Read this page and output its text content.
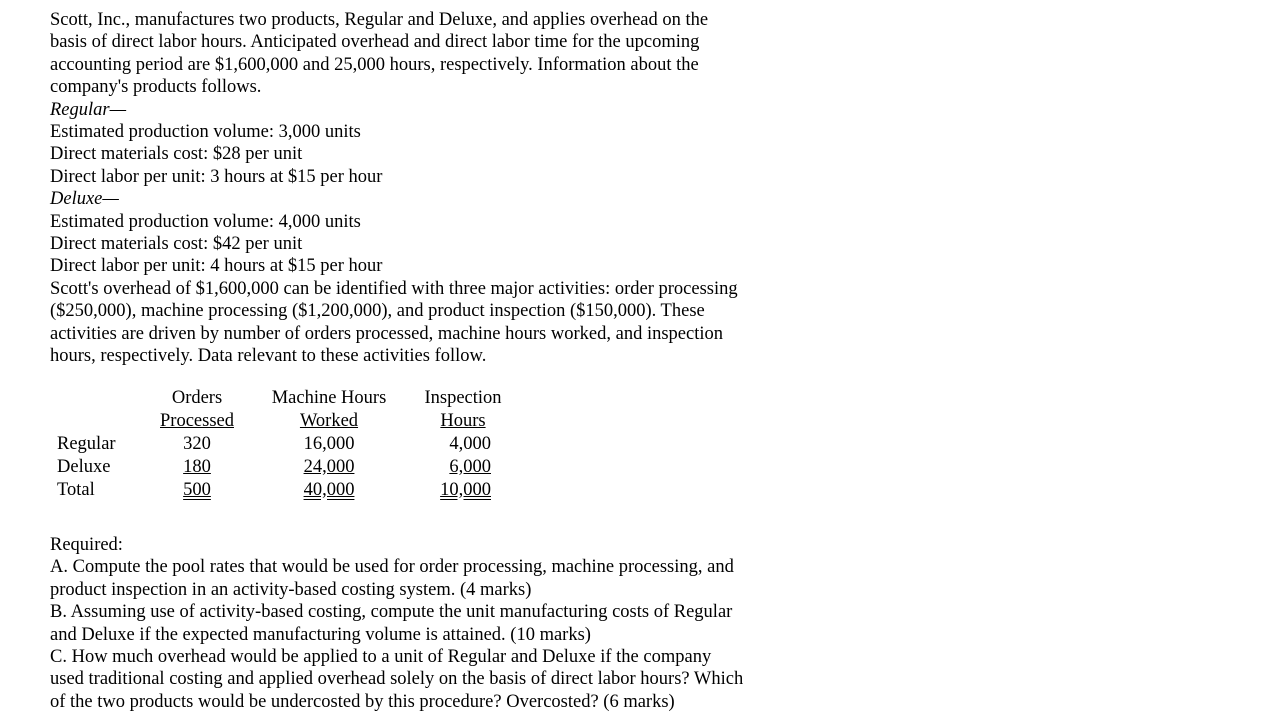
Scott, Inc., manufactures two products, Regular and Deluxe, and applies overhead on the
basis of direct labor hours. Anticipated overhead and direct labor time for the upcoming
accounting period are $1,600,000 and 25,000 hours, respectively. Information about the
company's products follows.
Regular—
Estimated production volume: 3,000 units
Direct materials cost: $28 per unit
Direct labor per unit: 3 hours at $15 per hour
Deluxe—
Estimated production volume: 4,000 units
Direct materials cost: $42 per unit
Direct labor per unit: 4 hours at $15 per hour
Scott's overhead of $1,600,000 can be identified with three major activities: order processing
($250,000), machine processing ($1,200,000), and product inspection ($150,000). These
activities are driven by number of orders processed, machine hours worked, and inspection
hours, respectively. Data relevant to these activities follow.
Orders	Machine Hours	Inspection
Processed	Worked	Hours
Regular	320	16,000	4,000
Deluxe	180	24,000	6,000
Total	500	40,000	10,000
Required:
A. Compute the pool rates that would be used for order processing, machine processing, and
product inspection in an activity-based costing system. (4 marks)
B. Assuming use of activity-based costing, compute the unit manufacturing costs of Regular
and Deluxe if the expected manufacturing volume is attained. (10 marks)
C. How much overhead would be applied to a unit of Regular and Deluxe if the company
used traditional costing and applied overhead solely on the basis of direct labor hours? Which
of the two products would be undercosted by this procedure? Overcosted? (6 marks)
